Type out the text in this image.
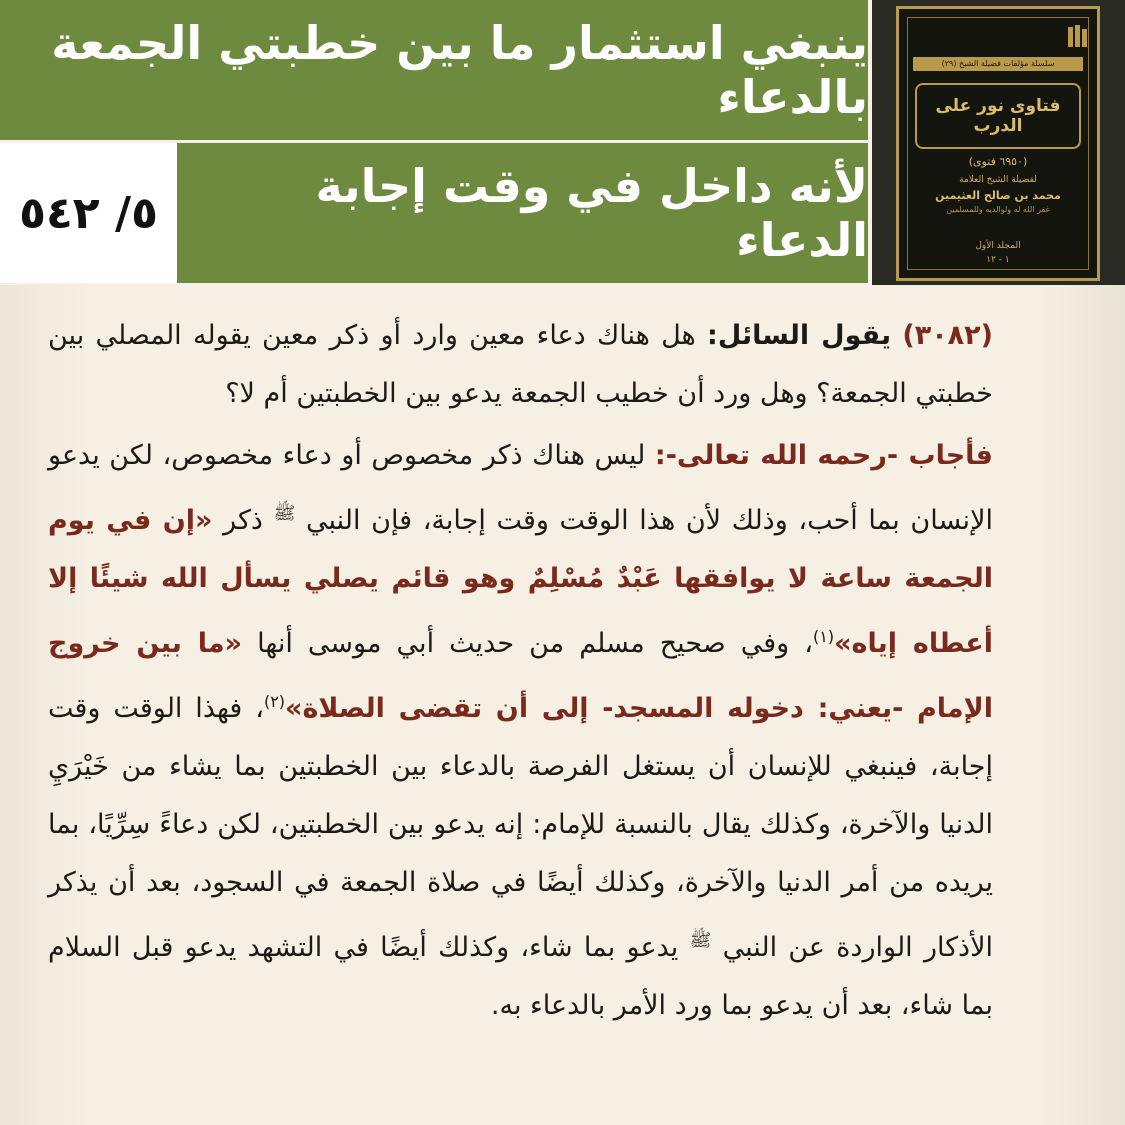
ينبغي استثمار ما بين خطبتي الجمعة بالدعاء
٥/ ٥٤٢	لأنه داخل في وقت إجابة الدعاء
سلسلة مؤلفات فضيلة الشيخ (٢٩)
فتاوى نور على الدرب
(٦٩٥٠ فتوى)
لفضيلة الشيخ العلامة
محمد بن صالح العثيمين
غفر الله له ولوالديه وللمسلمين
المجلد الأول
١ - ١٢

(٣٠٨٢) يقول السائل: هل هناك دعاء معين وارد أو ذكر معين يقوله المصلي بين خطبتي الجمعة؟ وهل ورد أن خطيب الجمعة يدعو بين الخطبتين أم لا؟

فأجاب -رحمه الله تعالى-: ليس هناك ذكر مخصوص أو دعاء مخصوص، لكن يدعو الإنسان بما أحب، وذلك لأن هذا الوقت وقت إجابة، فإن النبي $^ﷺ$ ذكر «إن في يوم الجمعة ساعة لا يوافقها عَبْدٌ مُسْلِمٌ وهو قائم يصلي يسأل الله شيئًا إلا أعطاه إياه»$^{(١)}$، وفي صحيح مسلم من حديث أبي موسى أنها «ما بين خروج الإمام -يعني: دخوله المسجد- إلى أن تقضى الصلاة»$^{(٢)}$، فهذا الوقت وقت إجابة، فينبغي للإنسان أن يستغل الفرصة بالدعاء بين الخطبتين بما يشاء من خَيْرَيِ الدنيا والآخرة، وكذلك يقال بالنسبة للإمام: إنه يدعو بين الخطبتين، لكن دعاءً سِرِّيًا، بما يريده من أمر الدنيا والآخرة، وكذلك أيضًا في صلاة الجمعة في السجود، بعد أن يذكر الأذكار الواردة عن النبي $^ﷺ$ يدعو بما شاء، وكذلك أيضًا في التشهد يدعو قبل السلام بما شاء، بعد أن يدعو بما ورد الأمر بالدعاء به.
